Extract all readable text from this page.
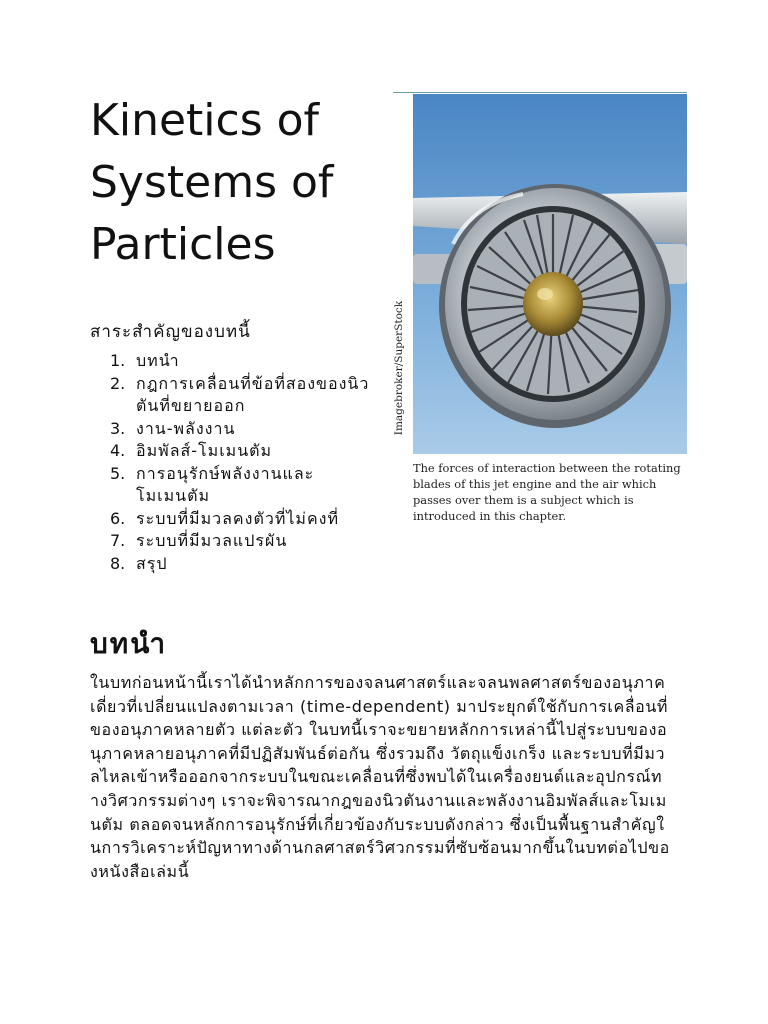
Kinetics of
Systems of
Particles

สาระสำคัญของบทนี้

1. บทนำ
2. กฎการเคลื่อนที่ข้อที่สองของนิวตันที่ขยายออก
3. งาน-พลังงาน
4. อิมพัลส์-โมเมนตัม
5. การอนุรักษ์พลังงานและ โมเมนตัม
6. ระบบที่มีมวลคงตัวที่ไม่คงที่
7. ระบบที่มีมวลแปรผัน
8. สรุป
Imagebroker/SuperStock

The forces of interaction between the rotating blades of this jet engine and the air which passes over them is a subject which is introduced in this chapter.

บทนำ

ในบทก่อนหน้านี้เราได้นำหลักการของจลนศาสตร์และจลนพลศาสตร์ของอนุภาคเดี่ยวที่เปลี่ยนแปลงตามเวลา (time-dependent) มาประยุกต์ใช้กับการเคลื่อนที่ของอนุภาคหลายตัว แต่ละตัว ในบทนี้เราจะขยายหลักการเหล่านี้ไปสู่ระบบของอนุภาคหลายอนุภาคที่มีปฏิสัมพันธ์ต่อกัน ซึ่งรวมถึง วัตถุแข็งเกร็ง และระบบที่มีมวลไหลเข้าหรือออกจากระบบในขณะเคลื่อนที่ซึ่งพบได้ในเครื่องยนต์และอุปกรณ์ทางวิศวกรรมต่างๆ เราจะพิจารณากฎของนิวตันงานและพลังงานอิมพัลส์และโมเมนตัม ตลอดจนหลักการอนุรักษ์ที่เกี่ยวข้องกับระบบดังกล่าว ซึ่งเป็นพื้นฐานสำคัญในการวิเคราะห์ปัญหาทางด้านกลศาสตร์วิศวกรรมที่ซับซ้อนมากขึ้นในบทต่อไปของหนังสือเล่มนี้
